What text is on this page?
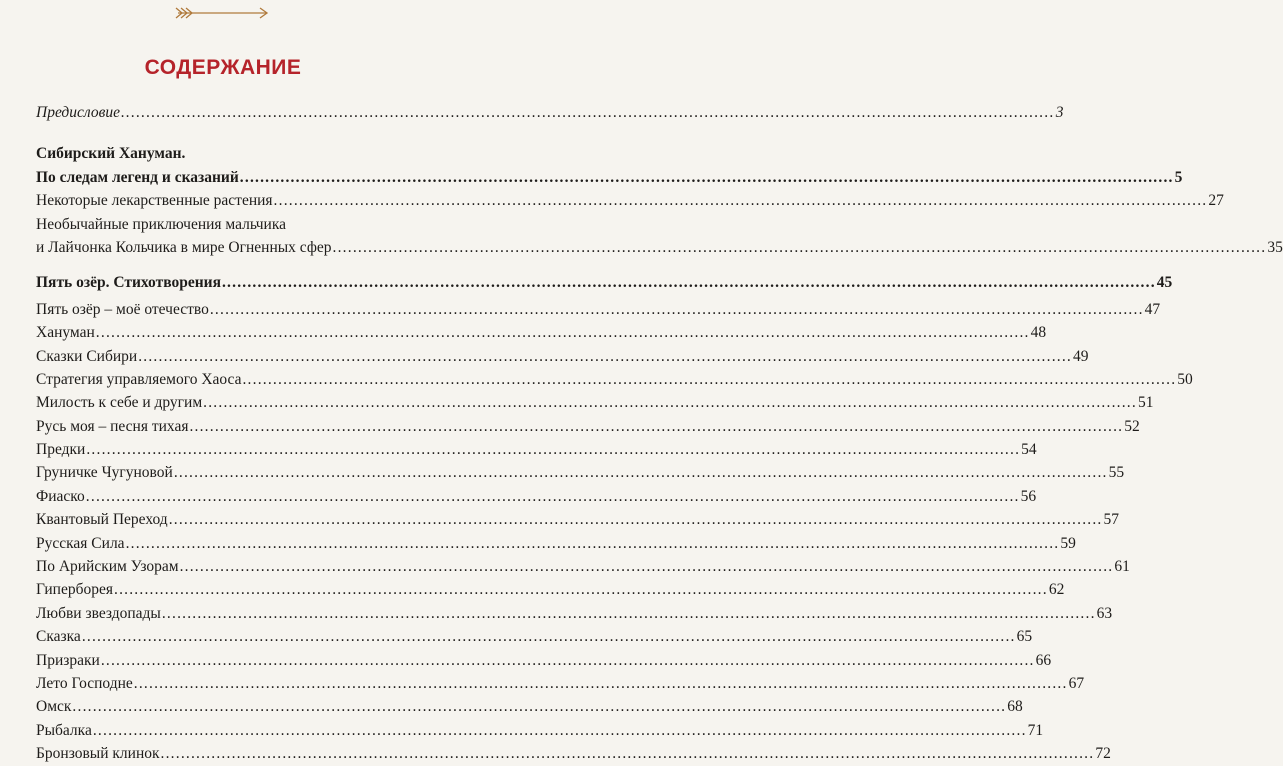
СОДЕРЖАНИЕ
Предисловие .....	3
Сибирский Хануман.
По следам легенд и сказаний .....	5
Некоторые лекарственные растения .....	27
Необычайные приключения мальчика
и Лайчонка Кольчика в мире Огненных сфер .....	35
Пять озёр. Стихотворения .....	45
Пять озёр – моё отечество .....	47
Хануман .....	48
Сказки Сибири .....	49
Стратегия управляемого Хаоса .....	50
Милость к себе и другим .....	51
Русь моя – песня тихая .....	52
Предки .....	54
Груничке Чугуновой .....	55
Фиаско .....	56
Квантовый Переход .....	57
Русская Сила .....	59
По Арийским Узорам .....	61
Гиперборея .....	62
Любви звездопады .....	63
Сказка .....	65
Призраки .....	66
Лето Господне .....	67
Омск .....	68
Рыбалка .....	71
Бронзовый клинок .....	72
